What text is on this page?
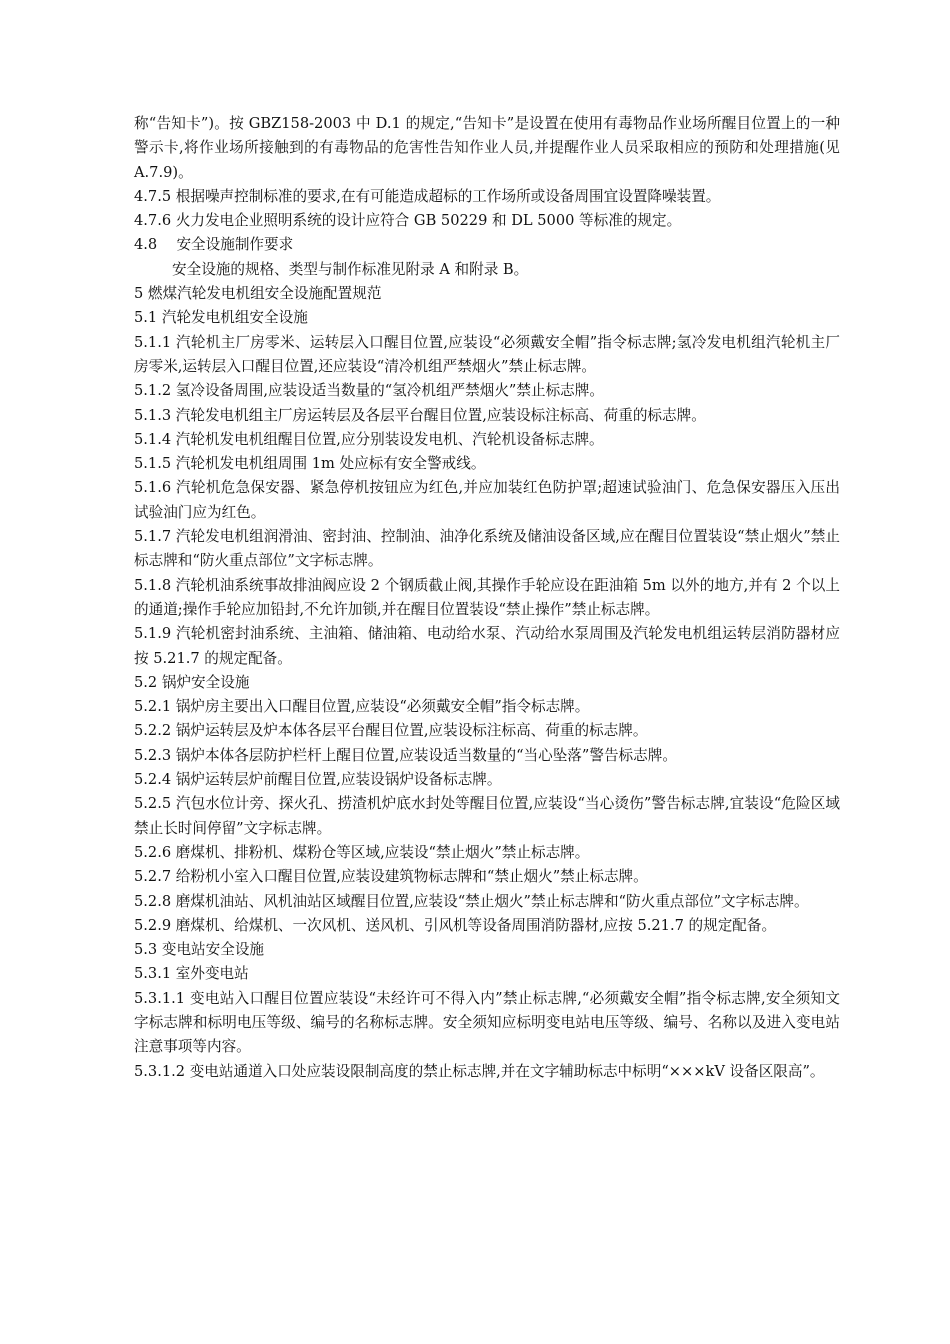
称“告知卡”)。按 GBZ158-2003 中 D.1 的规定,“告知卡”是设置在使用有毒物品作业场所醒目位置上的一种警示卡,将作业场所接触到的有毒物品的危害性告知作业人员,并提醒作业人员采取相应的预防和处理措施(见 A.7.9)。

4.7.5 根据噪声控制标准的要求,在有可能造成超标的工作场所或设备周围宜设置降噪装置。

4.7.6 火力发电企业照明系统的设计应符合 GB 50229 和 DL 5000 等标准的规定。

4.8　 安全设施制作要求

安全设施的规格、类型与制作标准见附录 A 和附录 B。

5 燃煤汽轮发电机组安全设施配置规范

5.1 汽轮发电机组安全设施

5.1.1 汽轮机主厂房零米、运转层入口醒目位置,应装设“必须戴安全帽”指令标志牌;氢冷发电机组汽轮机主厂房零米,运转层入口醒目位置,还应装设“清冷机组严禁烟火”禁止标志牌。

5.1.2 氢冷设备周围,应装设适当数量的“氢冷机组严禁烟火”禁止标志牌。

5.1.3 汽轮发电机组主厂房运转层及各层平台醒目位置,应装设标注标高、荷重的标志牌。

5.1.4 汽轮机发电机组醒目位置,应分别装设发电机、汽轮机设备标志牌。

5.1.5 汽轮机发电机组周围 1m 处应标有安全警戒线。

5.1.6 汽轮机危急保安器、紧急停机按钮应为红色,并应加装红色防护罩;超速试验油门、危急保安器压入压出试验油门应为红色。

5.1.7 汽轮发电机组润滑油、密封油、控制油、油净化系统及储油设备区域,应在醒目位置装设“禁止烟火”禁止标志牌和“防火重点部位”文字标志牌。

5.1.8 汽轮机油系统事故排油阀应设 2 个钢质截止阀,其操作手轮应设在距油箱 5m 以外的地方,并有 2 个以上的通道;操作手轮应加铅封,不允许加锁,并在醒目位置装设“禁止操作”禁止标志牌。

5.1.9 汽轮机密封油系统、主油箱、储油箱、电动给水泵、汽动给水泵周围及汽轮发电机组运转层消防器材应按 5.21.7 的规定配备。

5.2 锅炉安全设施

5.2.1 锅炉房主要出入口醒目位置,应装设“必须戴安全帽”指令标志牌。

5.2.2 锅炉运转层及炉本体各层平台醒目位置,应装设标注标高、荷重的标志牌。

5.2.3 锅炉本体各层防护栏杆上醒目位置,应装设适当数量的“当心坠落”警告标志牌。

5.2.4 锅炉运转层炉前醒目位置,应装设锅炉设备标志牌。

5.2.5 汽包水位计旁、探火孔、捞渣机炉底水封处等醒目位置,应装设“当心烫伤”警告标志牌,宜装设“危险区域禁止长时间停留”文字标志牌。

5.2.6 磨煤机、排粉机、煤粉仓等区域,应装设“禁止烟火”禁止标志牌。

5.2.7 给粉机小室入口醒目位置,应装设建筑物标志牌和“禁止烟火”禁止标志牌。

5.2.8 磨煤机油站、风机油站区域醒目位置,应装设“禁止烟火”禁止标志牌和“防火重点部位”文字标志牌。

5.2.9 磨煤机、给煤机、一次风机、送风机、引风机等设备周围消防器材,应按 5.21.7 的规定配备。

5.3 变电站安全设施

5.3.1 室外变电站

5.3.1.1 变电站入口醒目位置应装设“未经许可不得入内”禁止标志牌,“必须戴安全帽”指令标志牌,安全须知文字标志牌和标明电压等级、编号的名称标志牌。安全须知应标明变电站电压等级、编号、名称以及进入变电站注意事项等内容。

5.3.1.2 变电站通道入口处应装设限制高度的禁止标志牌,并在文字辅助标志中标明“×××kV 设备区限高”。
